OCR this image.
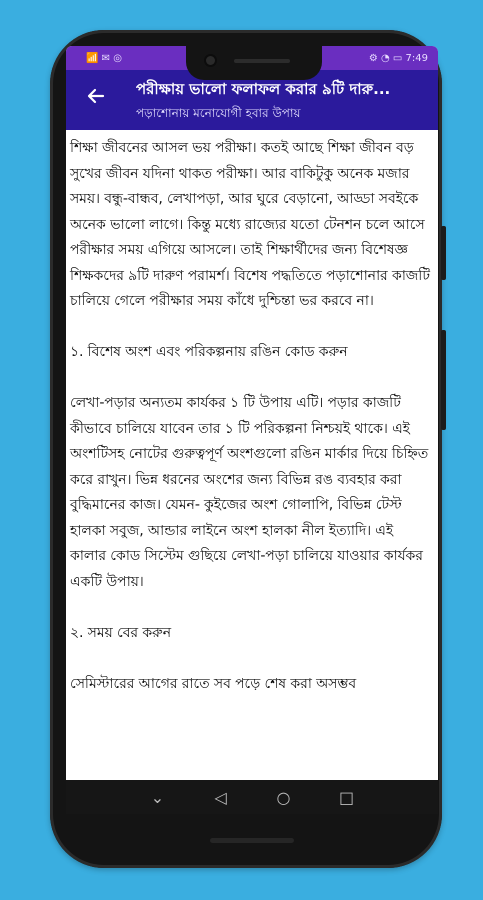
📶 ✉ ◎	⚙ ◔ ▭ 7:49
পরীক্ষায় ভালো ফলাফল করার ৯টি দারু...
পড়াশোনায় মনোযোগী হবার উপায়

শিক্ষা জীবনের আসল ভয় পরীক্ষা। কতই আছে শিক্ষা জীবন বড় সুখের জীবন যদিনা থাকত পরীক্ষা। আর বাকিটুকু অনেক মজার সময়। বন্ধু-বান্ধব, লেখাপড়া, আর ঘুরে বেড়ানো, আড্ডা সবইকে অনেক ভালো লাগে। কিন্তু মধ্যে রাজ্যের যতো টেনশন চলে আসে পরীক্ষার সময় এগিয়ে আসলে। তাই শিক্ষার্থীদের জন্য বিশেষজ্ঞ শিক্ষকদের ৯টি দারুণ পরামর্শ। বিশেষ পদ্ধতিতে পড়াশোনার কাজটি চালিয়ে গেলে পরীক্ষার সময় কাঁধে দুশ্চিন্তা ভর করবে না।

১. বিশেষ অংশ এবং পরিকল্পনায় রঙিন কোড করুন

লেখা-পড়ার অন্যতম কার্যকর ১ টি উপায় এটি। পড়ার কাজটি কীভাবে চালিয়ে যাবেন তার ১ টি পরিকল্পনা নিশ্চয়ই থাকে। এই অংশটিসহ নোটের গুরুত্বপূর্ণ অংশগুলো রঙিন মার্কার দিয়ে চিহ্নিত করে রাখুন। ভিন্ন ধরনের অংশের জন্য বিভিন্ন রঙ ব্যবহার করা বুদ্ধিমানের কাজ। যেমন- কুইজের অংশ গোলাপি, বিভিন্ন টেস্ট হালকা সবুজ, আন্ডার লাইনে অংশ হালকা নীল ইত্যাদি। এই কালার কোড সিস্টেম গুছিয়ে লেখা-পড়া চালিয়ে যাওয়ার কার্যকর একটি উপায়।

২. সময় বের করুন

সেমিস্টারের আগের রাতে সব পড়ে শেষ করা অসম্ভব

⌄	◁	○	□
